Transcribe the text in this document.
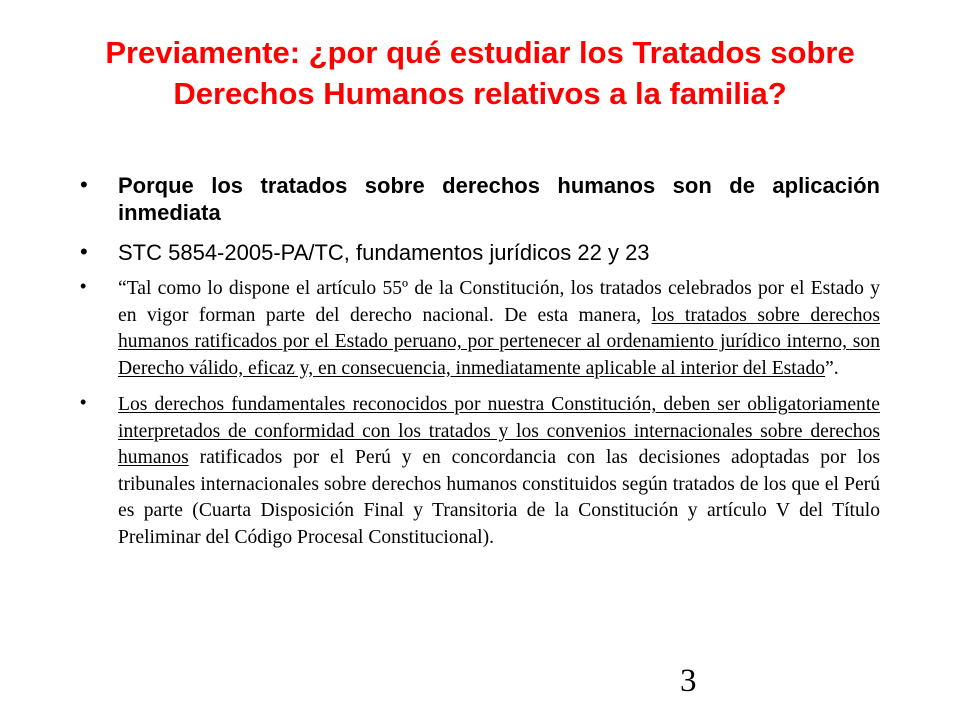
Previamente: ¿por qué estudiar los Tratados sobre Derechos Humanos relativos a la familia?
• Porque los tratados sobre derechos humanos son de aplicación inmediata
• STC 5854-2005-PA/TC, fundamentos jurídicos 22 y 23
• “Tal como lo dispone el artículo 55º de la Constitución, los tratados celebrados por el Estado y en vigor forman parte del derecho nacional. De esta manera, los tratados sobre derechos humanos ratificados por el Estado peruano, por pertenecer al ordenamiento jurídico interno, son Derecho válido, eficaz y, en consecuencia, inmediatamente aplicable al interior del Estado”.
• Los derechos fundamentales reconocidos por nuestra Constitución, deben ser obligatoriamente interpretados de conformidad con los tratados y los convenios internacionales sobre derechos humanos ratificados por el Perú y en concordancia con las decisiones adoptadas por los tribunales internacionales sobre derechos humanos constituidos según tratados de los que el Perú es parte (Cuarta Disposición Final y Transitoria de la Constitución y artículo V del Título Preliminar del Código Procesal Constitucional).
3
